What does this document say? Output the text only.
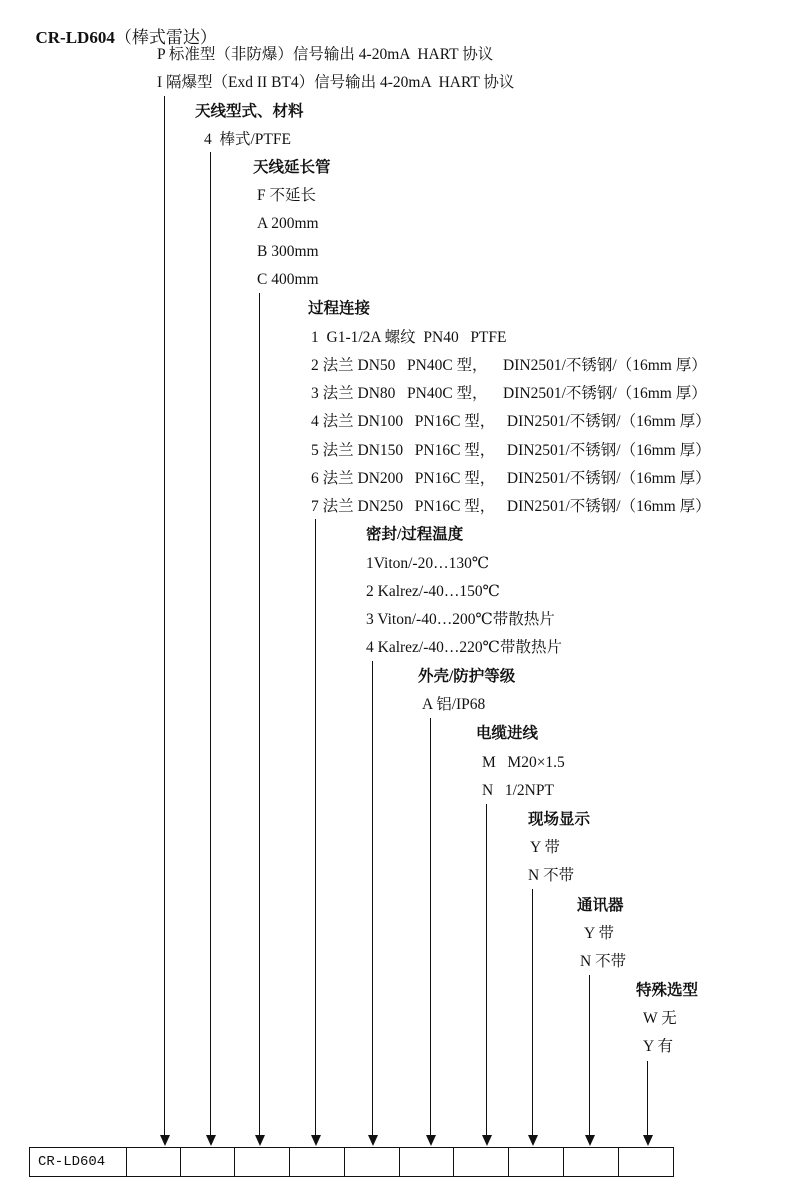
CR-LD604（棒式雷达）

P 标准型（非防爆）信号输出 4-20mA  HART 协议
I 隔爆型（Exd II BT4）信号输出 4-20mA  HART 协议
天线型式、材料
4  棒式/PTFE
天线延长管
F 不延长
A 200mm
B 300mm
C 400mm
过程连接
1  G1-1/2A 螺纹  PN40   PTFE
2 法兰 DN50   PN40C 型，    DIN2501/不锈钢/（16mm 厚）
3 法兰 DN80   PN40C 型，    DIN2501/不锈钢/（16mm 厚）
4 法兰 DN100   PN16C 型，   DIN2501/不锈钢/（16mm 厚）
5 法兰 DN150   PN16C 型，   DIN2501/不锈钢/（16mm 厚）
6 法兰 DN200   PN16C 型，   DIN2501/不锈钢/（16mm 厚）
7 法兰 DN250   PN16C 型，   DIN2501/不锈钢/（16mm 厚）
密封/过程温度
1Viton/-20…130℃
2 Kalrez/-40…150℃
3 Viton/-40…200℃带散热片
4 Kalrez/-40…220℃带散热片
外壳/防护等级
A 铝/IP68
电缆进线
M   M20×1.5
N   1/2NPT
现场显示
Y 带
N 不带
通讯器
Y 带
N 不带
特殊选型
W 无
Y 有
CR-LD604
